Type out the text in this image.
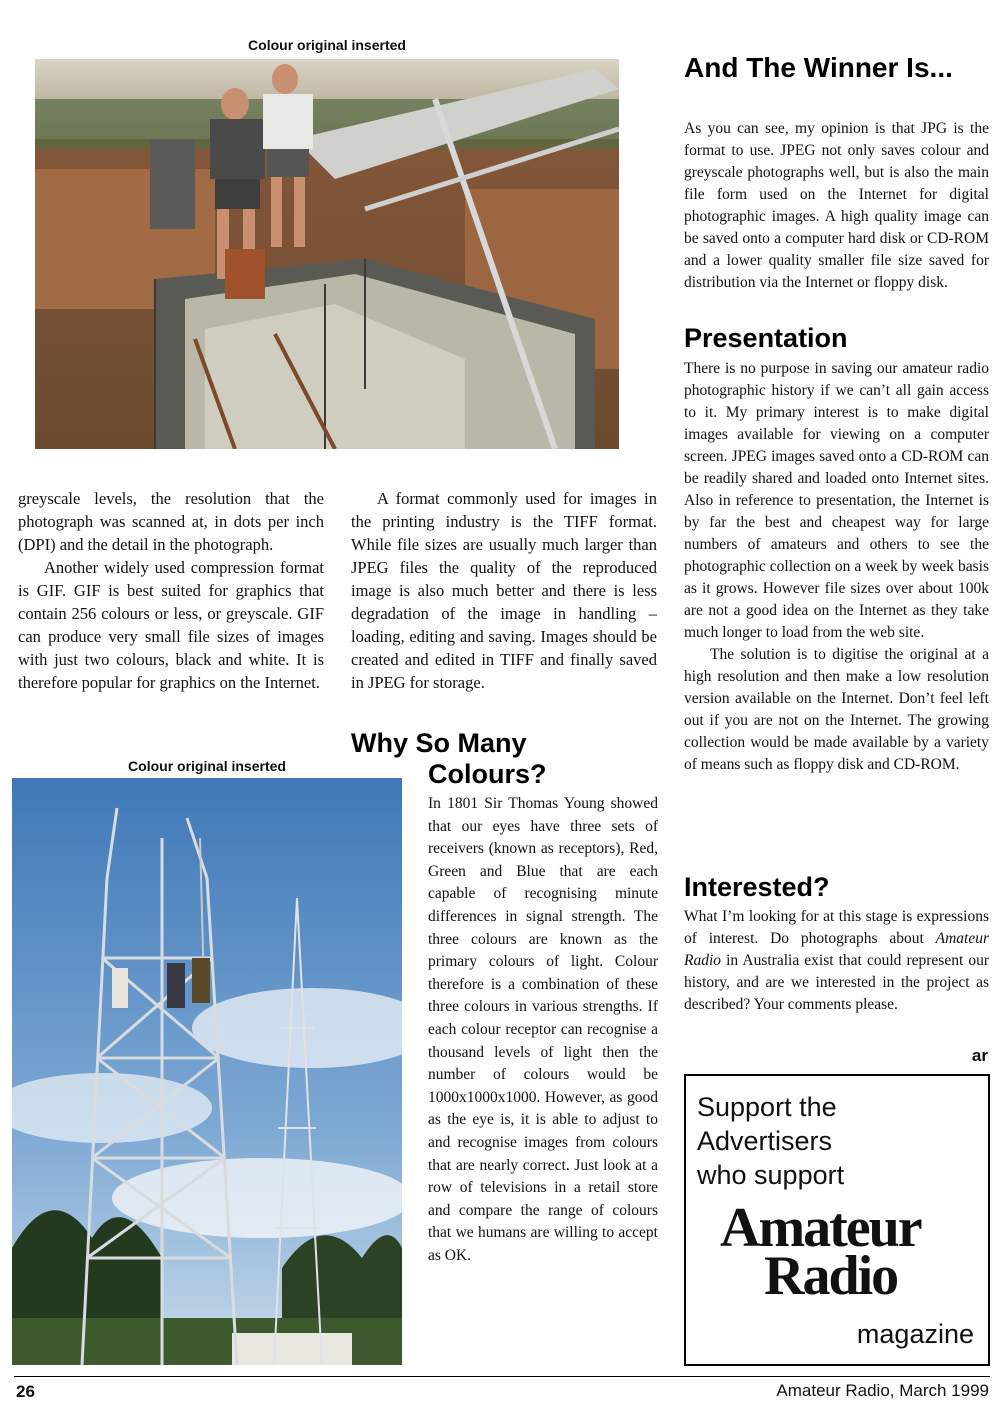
Colour original inserted

greyscale levels, the resolution that the photograph was scanned at, in dots per inch (DPI) and the detail in the photograph.

Another widely used compression format is GIF. GIF is best suited for graphics that contain 256 colours or less, or greyscale. GIF can produce very small file sizes of images with just two colours, black and white. It is therefore popular for graphics on the Internet.

Colour original inserted

A format commonly used for images in the printing industry is the TIFF format. While file sizes are usually much larger than JPEG files the quality of the reproduced image is also much better and there is less degradation of the image in handling –loading, editing and saving. Images should be created and edited in TIFF and finally saved in JPEG for storage.

Why So Many
Colours?

In 1801 Sir Thomas Young showed that our eyes have three sets of receivers (known as receptors), Red, Green and Blue that are each capable of recognising minute differences in signal strength. The three colours are known as the primary colours of light. Colour therefore is a combination of these three colours in various strengths. If each colour receptor can recognise a thousand levels of light then the number of colours would be 1000x1000x1000. However, as good as the eye is, it is able to adjust to and recognise images from colours that are nearly correct. Just look at a row of televisions in a retail store and compare the range of colours that we humans are willing to accept as OK.

And The Winner Is...

As you can see, my opinion is that JPG is the format to use. JPEG not only saves colour and greyscale photographs well, but is also the main file form used on the Internet for digital photographic images. A high quality image can be saved onto a computer hard disk or CD-ROM and a lower quality smaller file size saved for distribution via the Internet or floppy disk.

Presentation

There is no purpose in saving our amateur radio photographic history if we can’t all gain access to it. My primary interest is to make digital images available for viewing on a computer screen. JPEG images saved onto a CD-ROM can be readily shared and loaded onto Internet sites. Also in reference to presentation, the Internet is by far the best and cheapest way for large numbers of amateurs and others to see the photographic collection on a week by week basis as it grows. However file sizes over about 100k are not a good idea on the Internet as they take much longer to load from the web site.

The solution is to digitise the original at a high resolution and then make a low resolution version available on the Internet. Don’t feel left out if you are not on the Internet. The growing collection would be made available by a variety of means such as floppy disk and CD-ROM.

Interested?

What I’m looking for at this stage is expressions of interest. Do photographs about Amateur Radio in Australia exist that could represent our history, and are we interested in the project as described? Your comments please.

ar
Support the
Advertisers
who support
Amateur
Radio
magazine
26	Amateur Radio, March 1999
